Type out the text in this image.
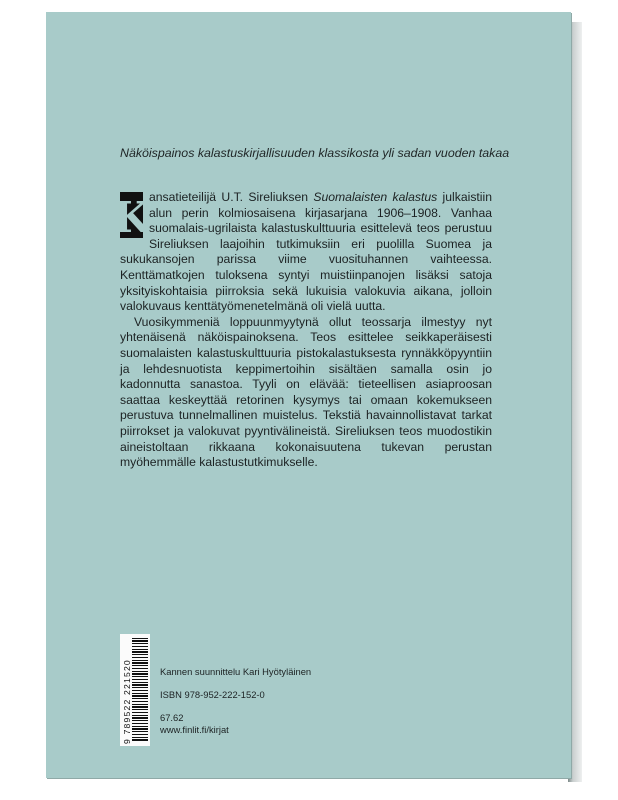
Näköispainos kalastuskirjallisuuden klassikosta yli sadan vuoden takaa

K ansatieteilijä U.T. Sireliuksen Suomalaisten kalastus julkaistiin alun perin kolmiosaisena kirjasarjana 1906–1908. Vanhaa suomalais-ugrilaista kalastuskulttuuria esittelevä teos perustuu Sireliuksen laajoihin tutkimuksiin eri puolilla Suomea ja sukukansojen parissa viime vuosituhannen vaihteessa. Kenttämatkojen tuloksena syntyi muistiinpanojen lisäksi satoja yksityiskohtaisia piirroksia sekä lukuisia valokuvia aikana, jolloin valokuvaus kenttätyömenetelmänä oli vielä uutta.

Vuosikymmeniä loppuunmyytynä ollut teossarja ilmestyy nyt yhtenäisenä näköispainoksena. Teos esittelee seikkaperäisesti suomalaisten kalastuskulttuuria pistokalastuksesta rynnäkköpyyntiin ja lehdesnuotista keppimertoihin sisältäen samalla osin jo kadonnutta sanastoa. Tyyli on elävää: tieteellisen asiaproosan saattaa keskeyttää retorinen kysymys tai omaan kokemukseen perustuva tunnelmallinen muistelus. Tekstiä havainnollistavat tarkat piirrokset ja valokuvat pyyntivälineistä. Sireliuksen teos muodostikin aineistoltaan rikkaana kokonaisuutena tukevan perustan myöhemmälle kalastustutkimukselle.

9 789522 221520	Kannen suunnittelu Kari Hyötyläinen
ISBN 978-952-222-152-0
67.62
www.finlit.fi/kirjat
